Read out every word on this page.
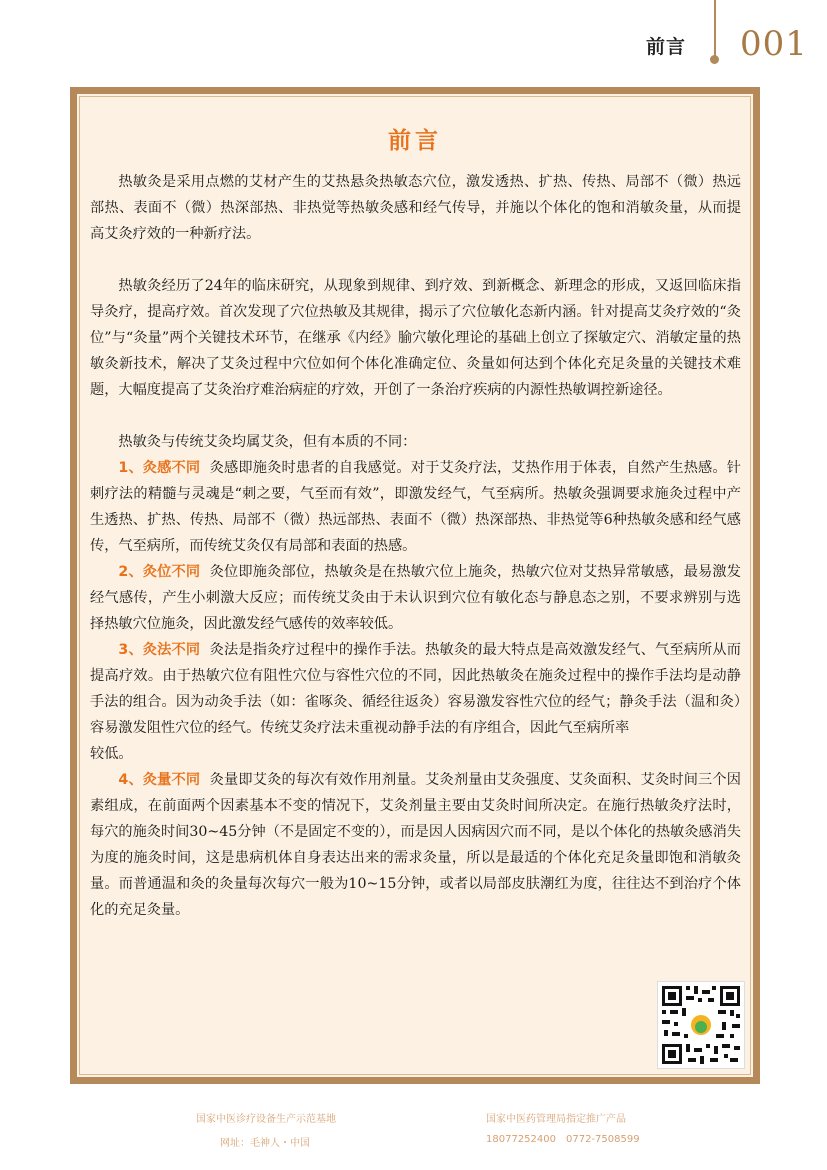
前言 001
前言

热敏灸是采用点燃的艾材产生的艾热悬灸热敏态穴位，激发透热、扩热、传热、局部不（微）热远部热、表面不（微）热深部热、非热觉等热敏灸感和经气传导，并施以个体化的饱和消敏灸量，从而提高艾灸疗效的一种新疗法。

热敏灸经历了24年的临床研究，从现象到规律、到疗效、到新概念、新理念的形成，又返回临床指导灸疗，提高疗效。首次发现了穴位热敏及其规律，揭示了穴位敏化态新内涵。针对提高艾灸疗效的“灸位”与“灸量”两个关键技术环节，在继承《内经》腧穴敏化理论的基础上创立了探敏定穴、消敏定量的热敏灸新技术，解决了艾灸过程中穴位如何个体化准确定位、灸量如何达到个体化充足灸量的关键技术难题，大幅度提高了艾灸治疗难治病症的疗效，开创了一条治疗疾病的内源性热敏调控新途径。

热敏灸与传统艾灸均属艾灸，但有本质的不同：

1、灸感不同 灸感即施灸时患者的自我感觉。对于艾灸疗法，艾热作用于体表，自然产生热感。针刺疗法的精髓与灵魂是“刺之要，气至而有效”，即激发经气，气至病所。热敏灸强调要求施灸过程中产生透热、扩热、传热、局部不（微）热远部热、表面不（微）热深部热、非热觉等6种热敏灸感和经气感传，气至病所，而传统艾灸仅有局部和表面的热感。

2、灸位不同 灸位即施灸部位，热敏灸是在热敏穴位上施灸，热敏穴位对艾热异常敏感，最易激发经气感传，产生小刺激大反应；而传统艾灸由于未认识到穴位有敏化态与静息态之别，不要求辨别与选择热敏穴位施灸，因此激发经气感传的效率较低。

3、灸法不同 灸法是指灸疗过程中的操作手法。热敏灸的最大特点是高效激发经气、气至病所从而提高疗效。由于热敏穴位有阻性穴位与容性穴位的不同，因此热敏灸在施灸过程中的操作手法均是动静手法的组合。因为动灸手法（如：雀啄灸、循经往返灸）容易激发容性穴位的经气；静灸手法（温和灸）容易激发阻性穴位的经气。传统艾灸疗法未重视动静手法的有序组合，因此气至病所率

较低。

4、灸量不同 灸量即艾灸的每次有效作用剂量。艾灸剂量由艾灸强度、艾灸面积、艾灸时间三个因素组成，在前面两个因素基本不变的情况下，艾灸剂量主要由艾灸时间所决定。在施行热敏灸疗法时，每穴的施灸时间30~45分钟（不是固定不变的），而是因人因病因穴而不同，是以个体化的热敏灸感消失为度的施灸时间，这是患病机体自身表达出来的需求灸量，所以是最适的个体化充足灸量即饱和消敏灸量。而普通温和灸的灸量每次每穴一般为10~15分钟，或者以局部皮肤潮红为度，往往达不到治疗个体化的充足灸量。

国家中医诊疗设备生产示范基地
网址：毛神人・中国
国家中医药管理局指定推广产品
18077252400 0772-7508599
